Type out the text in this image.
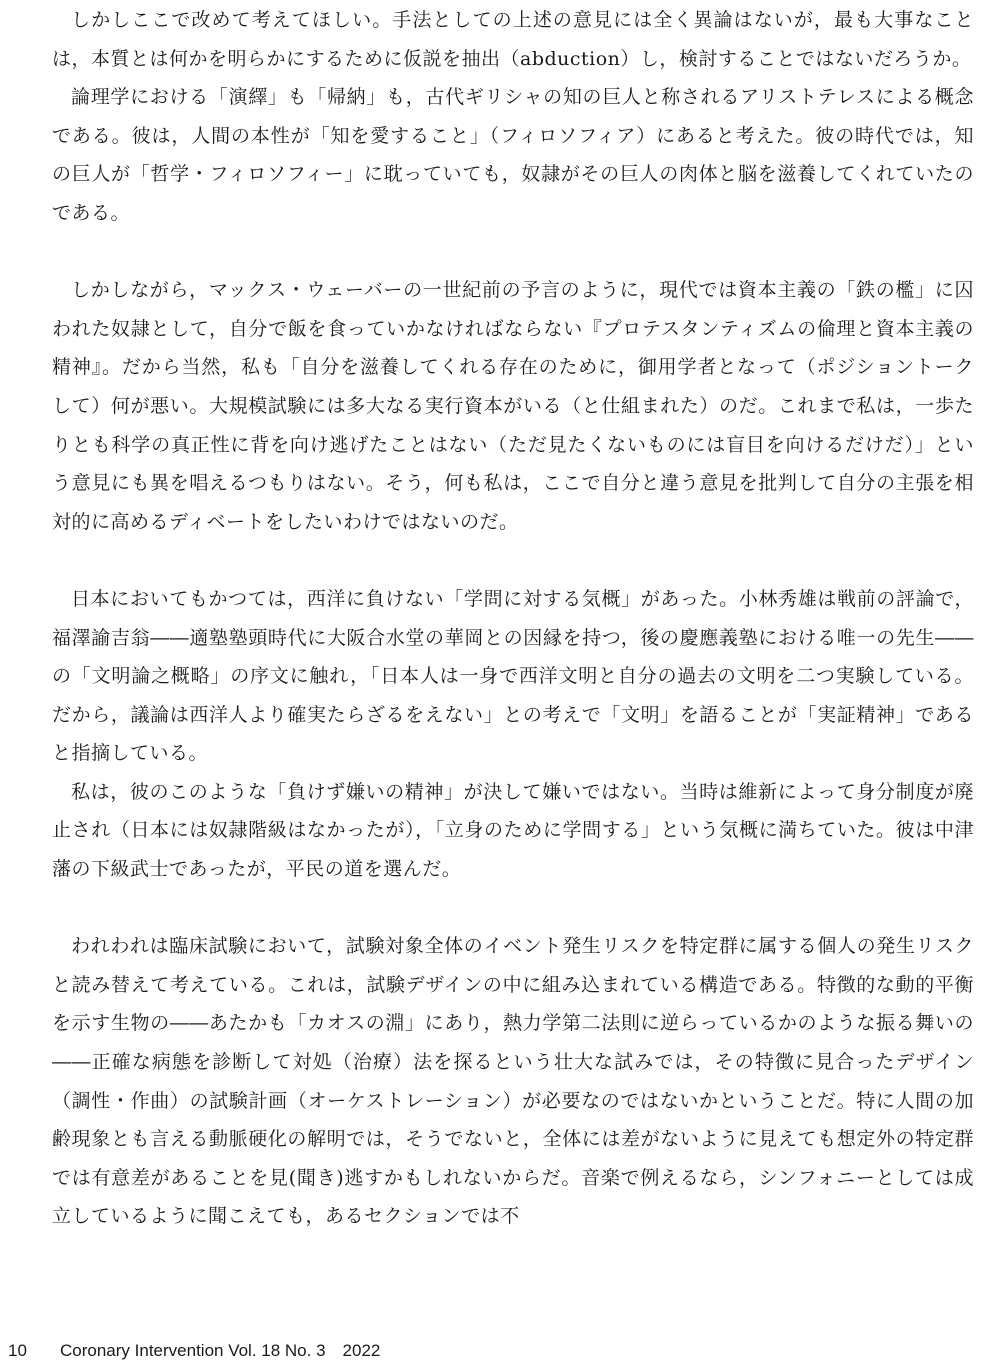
しかしここで改めて考えてほしい。手法としての上述の意見には全く異論はないが，最も大事なことは，本質とは何かを明らかにするために仮説を抽出（abduction）し，検討することではないだろうか。

論理学における「演繹」も「帰納」も，古代ギリシャの知の巨人と称されるアリストテレスによる概念である。彼は，人間の本性が「知を愛すること」（フィロソフィア）にあると考えた。彼の時代では，知の巨人が「哲学・フィロソフィー」に耽っていても，奴隷がその巨人の肉体と脳を滋養してくれていたのである。

しかしながら，マックス・ウェーバーの一世紀前の予言のように，現代では資本主義の「鉄の檻」に囚われた奴隷として，自分で飯を食っていかなければならない『プロテスタンティズムの倫理と資本主義の精神』。だから当然，私も「自分を滋養してくれる存在のために，御用学者となって（ポジショントークして）何が悪い。大規模試験には多大なる実行資本がいる（と仕組まれた）のだ。これまで私は，一歩たりとも科学の真正性に背を向け逃げたことはない（ただ見たくないものには盲目を向けるだけだ）」という意見にも異を唱えるつもりはない。そう，何も私は，ここで自分と違う意見を批判して自分の主張を相対的に高めるディベートをしたいわけではないのだ。

日本においてもかつては，西洋に負けない「学問に対する気概」があった。小林秀雄は戦前の評論で，福澤諭吉翁――適塾塾頭時代に大阪合水堂の華岡との因縁を持つ，後の慶應義塾における唯一の先生――の「文明論之概略」の序文に触れ，「日本人は一身で西洋文明と自分の過去の文明を二つ実験している。だから，議論は西洋人より確実たらざるをえない」との考えで「文明」を語ることが「実証精神」であると指摘している。

私は，彼のこのような「負けず嫌いの精神」が決して嫌いではない。当時は維新によって身分制度が廃止され（日本には奴隷階級はなかったが），「立身のために学問する」という気概に満ちていた。彼は中津藩の下級武士であったが，平民の道を選んだ。

われわれは臨床試験において，試験対象全体のイベント発生リスクを特定群に属する個人の発生リスクと読み替えて考えている。これは，試験デザインの中に組み込まれている構造である。特徴的な動的平衡を示す生物の――あたかも「カオスの淵」にあり，熱力学第二法則に逆らっているかのような振る舞いの――正確な病態を診断して対処（治療）法を探るという壮大な試みでは，その特徴に見合ったデザイン（調性・作曲）の試験計画（オーケストレーション）が必要なのではないかということだ。特に人間の加齢現象とも言える動脈硬化の解明では，そうでないと，全体には差がないように見えても想定外の特定群では有意差があることを見(聞き)逃すかもしれないからだ。音楽で例えるなら，シンフォニーとしては成立しているように聞こえても，あるセクションでは不

10 Coronary Intervention Vol. 18 No. 3　2022
